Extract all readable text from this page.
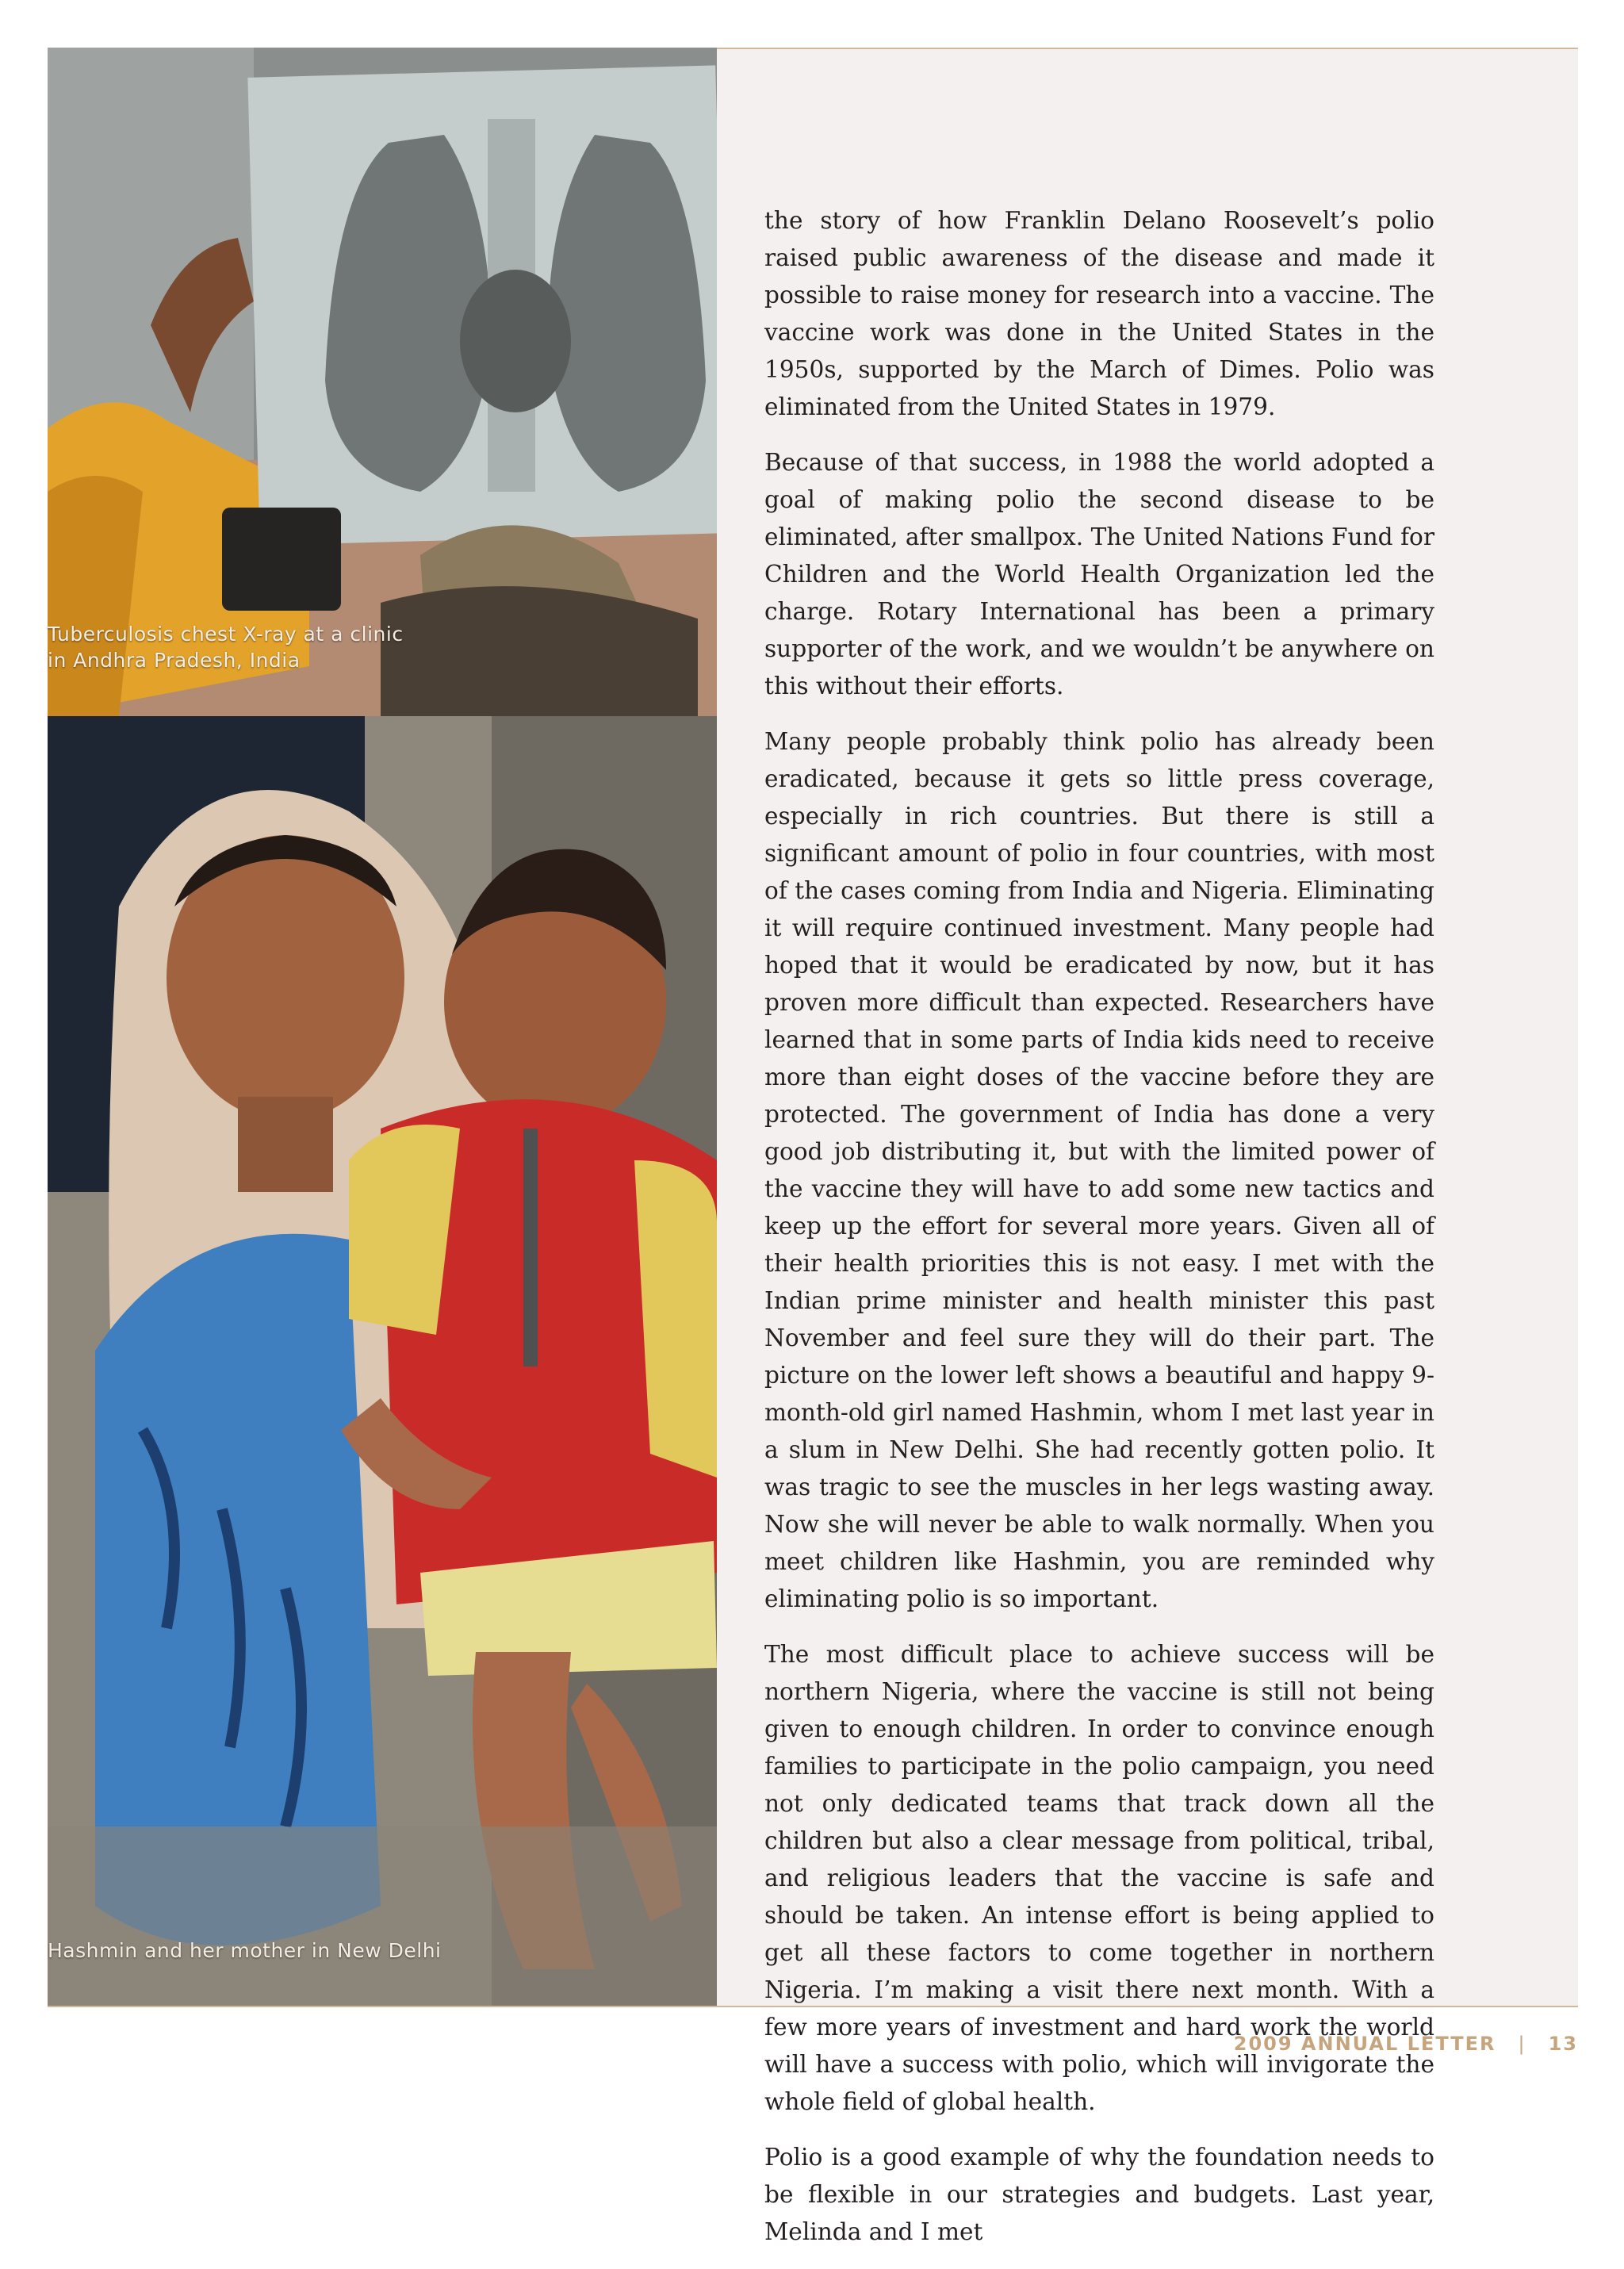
Tuberculosis chest X-ray at a clinic in Andhra Pradesh, India
Hashmin and her mother in New Delhi

the story of how Franklin Delano Roosevelt’s polio raised public awareness of the disease and made it possible to raise money for research into a vaccine. The vaccine work was done in the United States in the 1950s, supported by the March of Dimes. Polio was eliminated from the United States in 1979.

Because of that success, in 1988 the world adopted a goal of making polio the second disease to be eliminated, after smallpox. The United Nations Fund for Children and the World Health Organization led the charge. Rotary International has been a primary supporter of the work, and we wouldn’t be anywhere on this without their efforts.

Many people probably think polio has already been eradicated, because it gets so little press coverage, especially in rich countries. But there is still a significant amount of polio in four countries, with most of the cases coming from India and Nigeria. Eliminating it will require continued investment. Many people had hoped that it would be eradicated by now, but it has proven more difficult than expected. Researchers have learned that in some parts of India kids need to receive more than eight doses of the vaccine before they are protected. The government of India has done a very good job distributing it, but with the limited power of the vaccine they will have to add some new tactics and keep up the effort for several more years. Given all of their health priorities this is not easy. I met with the Indian prime minister and health minister this past November and feel sure they will do their part. The picture on the lower left shows a beautiful and happy 9-month-old girl named Hashmin, whom I met last year in a slum in New Delhi. She had recently gotten polio. It was tragic to see the muscles in her legs wasting away. Now she will never be able to walk normally. When you meet children like Hashmin, you are reminded why eliminating polio is so important.

The most difficult place to achieve success will be northern Nigeria, where the vaccine is still not being given to enough children. In order to convince enough families to participate in the polio campaign, you need not only dedicated teams that track down all the children but also a clear message from political, tribal, and religious leaders that the vaccine is safe and should be taken. An intense effort is being applied to get all these factors to come together in northern Nigeria. I’m making a visit there next month. With a few more years of investment and hard work the world will have a success with polio, which will invigorate the whole field of global health.

Polio is a good example of why the foundation needs to be flexible in our strategies and budgets. Last year, Melinda and I met

2009 ANNUAL LETTER | 13
